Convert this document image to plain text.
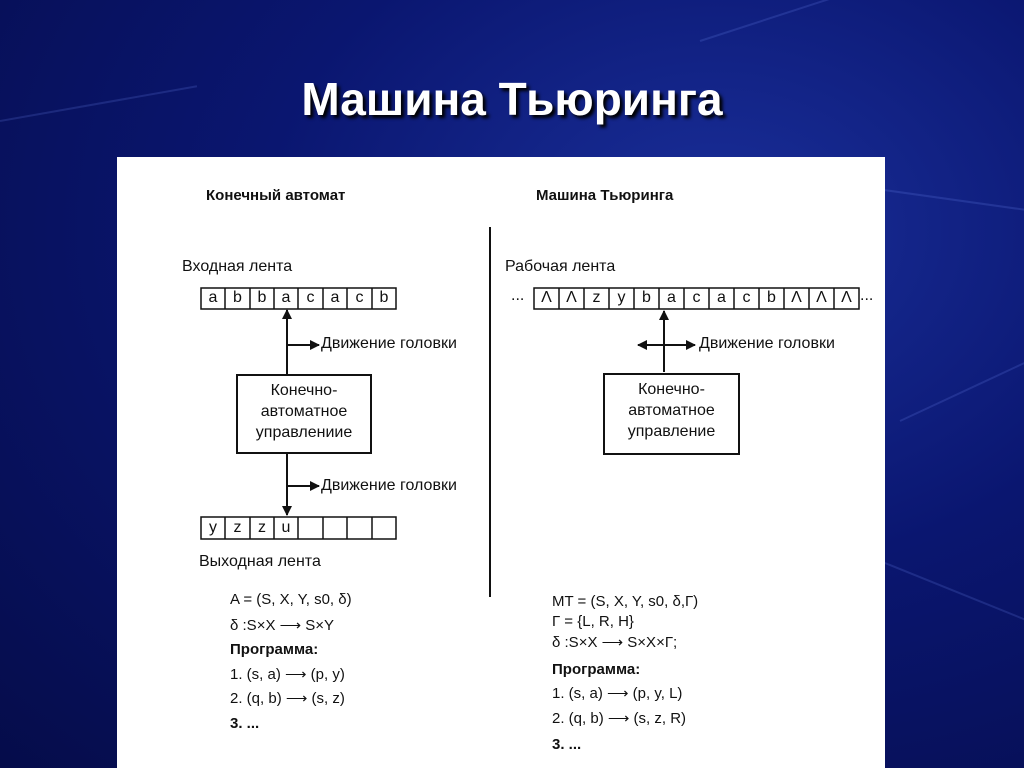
Машина Тьюринга
Конечный автомат
Входная лента
a b b a	c	a	c	b
Движение головки
Конечно-
автоматное
управлениие
Движение головки
y	z	z u
Выходная лента
A = (S, X, Y, s0, δ)
δ :S×X ⟶ S×Y
Программа:
1. (s, a) ⟶ (p, y)
2. (q, b) ⟶ (s, z)
3. ...
Машина Тьюринга
Рабочая лента
...	Λ Λ z	y	b	a	c	a	c	b Λ Λ Λ ...
Движение головки
Конечно-
автоматное
управление
MT = (S, X, Y, s0, δ,Г)
Г = {L, R, H}
δ :S×X ⟶ S×X×Г;
Программа:
1. (s, a) ⟶ (p, y, L)
2. (q, b) ⟶ (s, z, R)
3. ...
